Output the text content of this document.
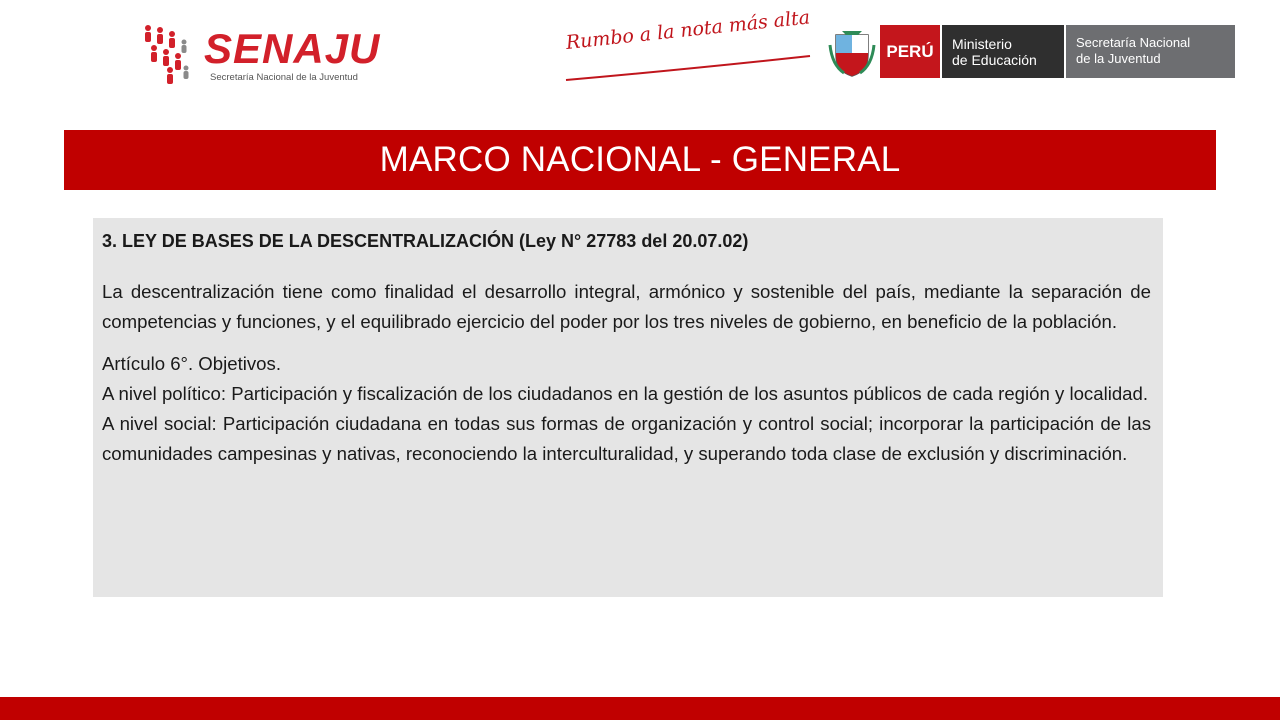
SENAJU
Secretaría Nacional de la Juventud
Rumbo a la nota más alta	PERÚ Ministerio
de Educación
Secretaría Nacional
de la Juventud
MARCO NACIONAL - GENERAL
3. LEY DE BASES DE LA DESCENTRALIZACIÓN (Ley N° 27783 del 20.07.02)

La descentralización tiene como finalidad el desarrollo integral, armónico y sostenible del país, mediante la separación de competencias y funciones, y el equilibrado ejercicio del poder por los tres niveles de gobierno, en beneficio de la población.

Artículo 6°. Objetivos.

A nivel político: Participación y fiscalización de los ciudadanos en la gestión de los asuntos públicos de cada región y localidad.

A nivel social: Participación ciudadana en todas sus formas de organización y control social; incorporar la participación de las comunidades campesinas y nativas, reconociendo la interculturalidad, y superando toda clase de exclusión y discriminación.
